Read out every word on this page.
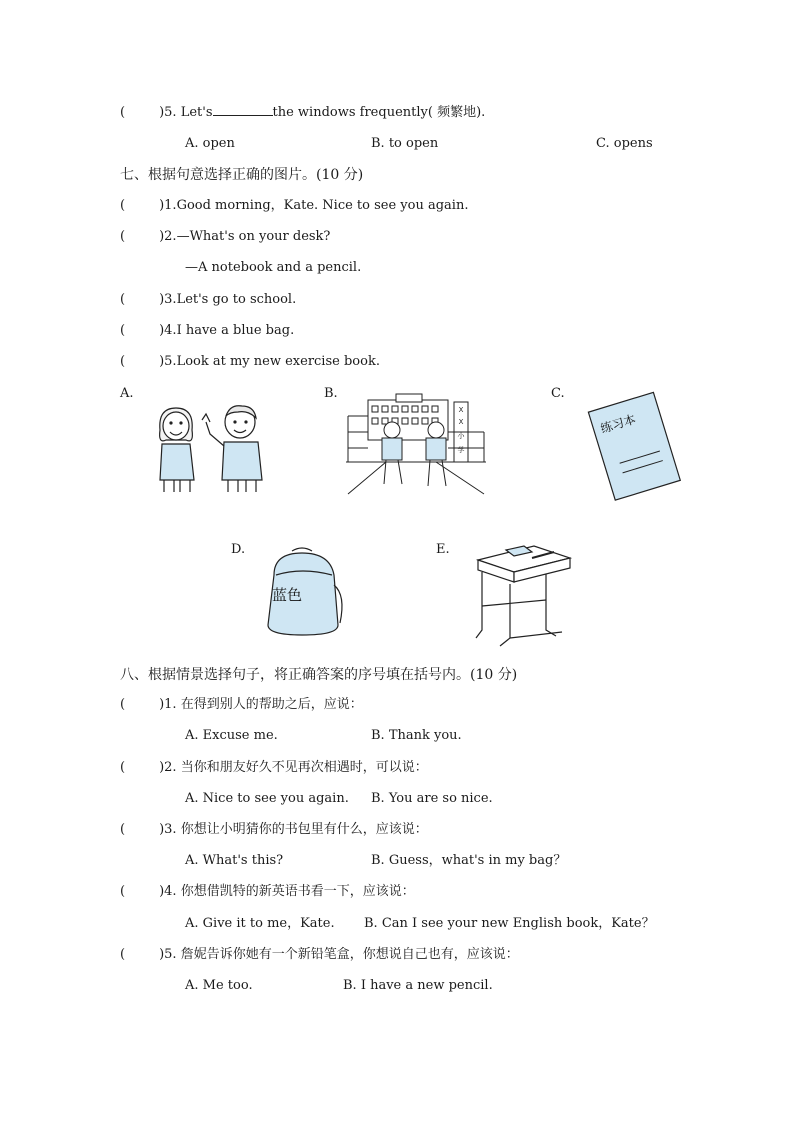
(	)5. Let's	the windows frequently( 频繁地).
A. open	B. to open	C. opens
七、根据句意选择正确的图片。(10 分)
(	)1.Good morning，Kate. Nice to see you again.
(	)2.—What's on your desk?
—A notebook and a pencil.
(	)3.Let's go to school.
(	)4.I have a blue bag.
(	)5.Look at my new exercise book.
A.	B.	C.
D.	E.
X
X
小
学
练习本
蓝色
八、根据情景选择句子，将正确答案的序号填在括号内。(10 分)
(	)1. 在得到别人的帮助之后，应说：
A. Excuse me.	B. Thank you.
(	)2. 当你和朋友好久不见再次相遇时，可以说：
A. Nice to see you again. B. You are so nice.
(	)3. 你想让小明猜你的书包里有什么，应该说：
A. What's this?	B. Guess，what's in my bag？
(	)4. 你想借凯特的新英语书看一下，应该说：
A. Give it to me，Kate. B. Can I see your new English book，Kate？
(	)5. 詹妮告诉你她有一个新铅笔盒，你想说自己也有，应该说：
A. Me too.	B. I have a new pencil.
